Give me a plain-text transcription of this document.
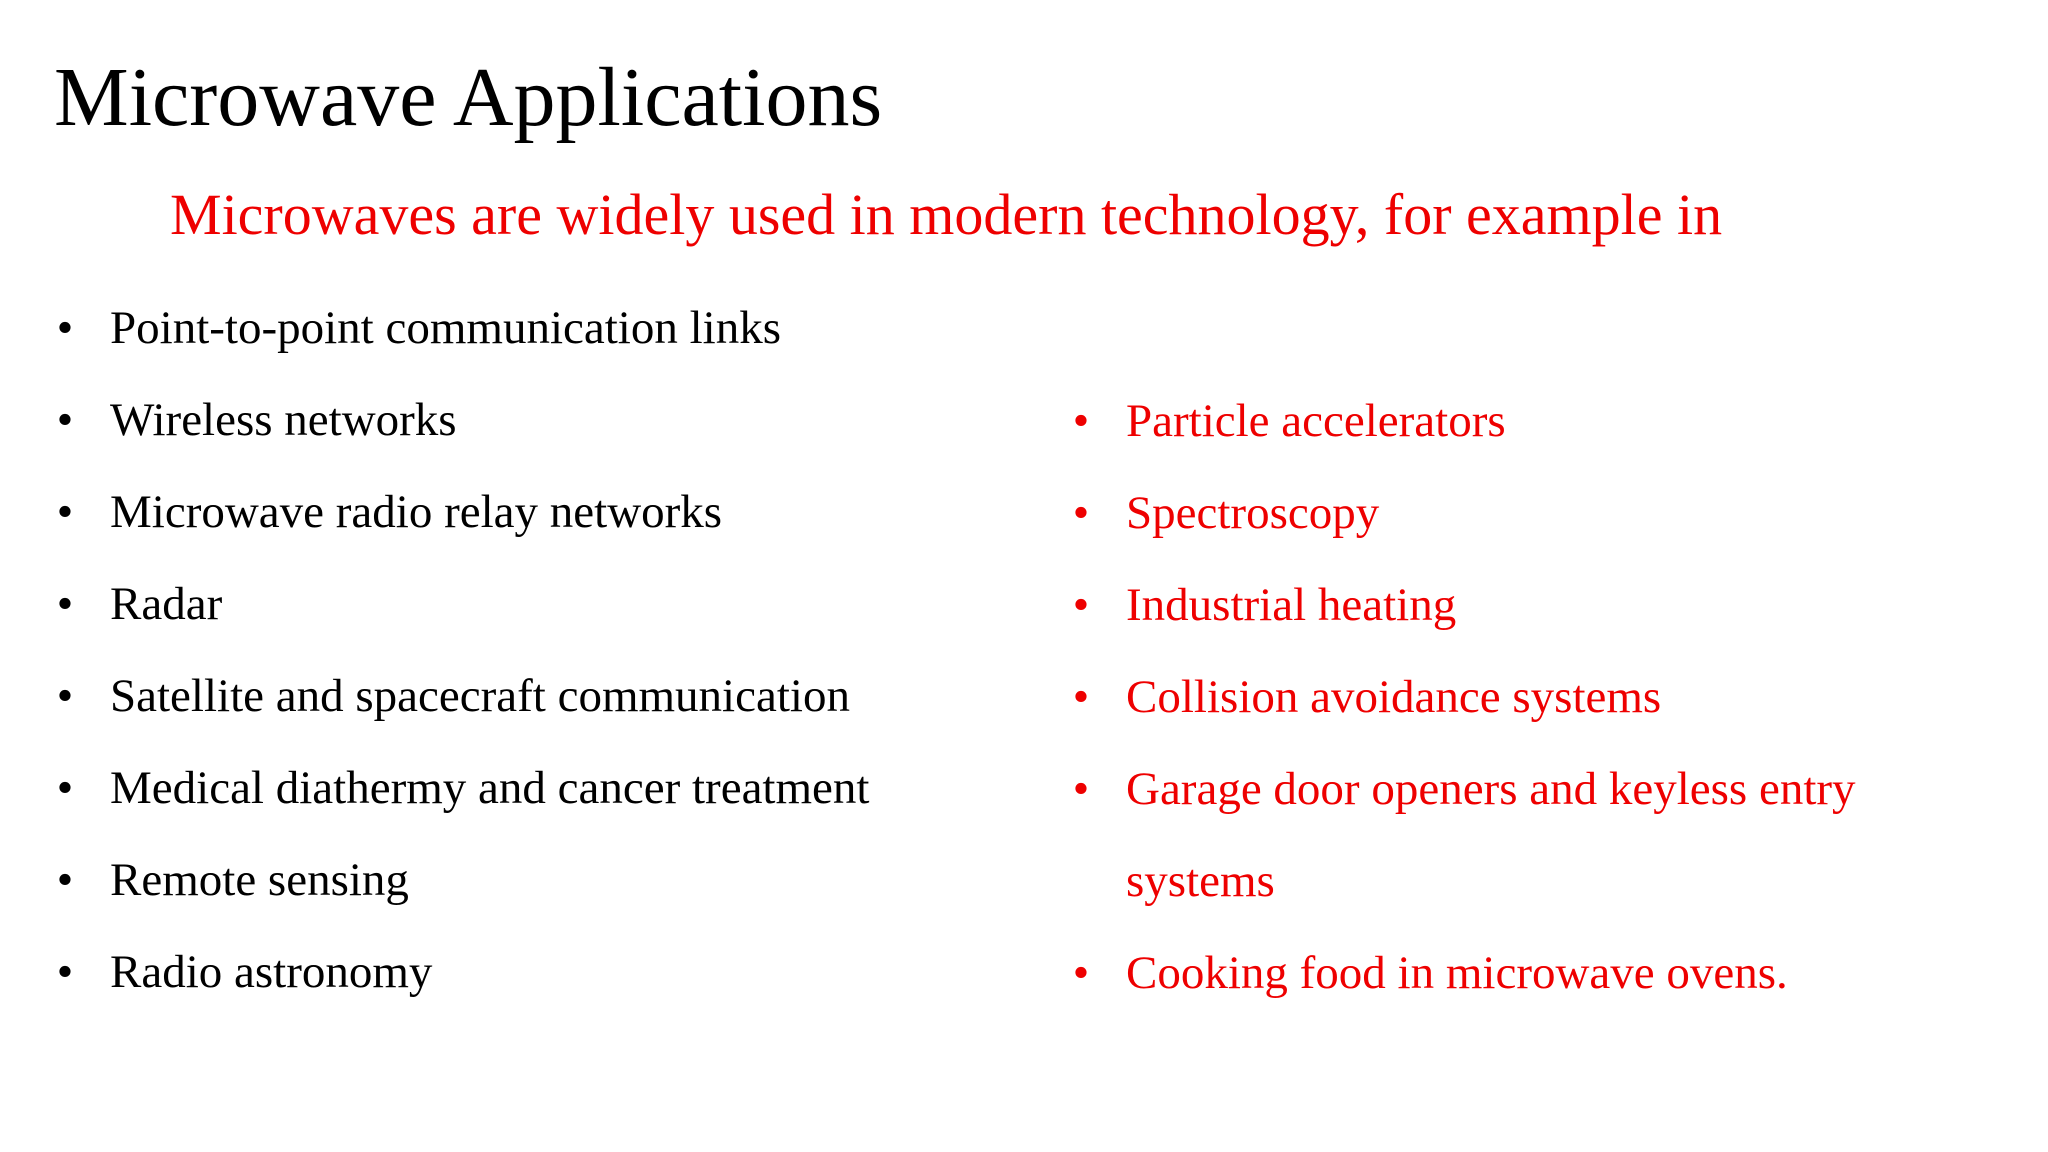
Microwave Applications
Microwaves are widely used in modern technology, for example in
• Point-to-point communication links
• Wireless networks
• Microwave radio relay networks
• Radar
• Satellite and spacecraft communication
• Medical diathermy and cancer treatment
• Remote sensing
• Radio astronomy
• Particle accelerators
• Spectroscopy
• Industrial heating
• Collision avoidance systems
• Garage door openers and keyless entry systems
• Cooking food in microwave ovens.
